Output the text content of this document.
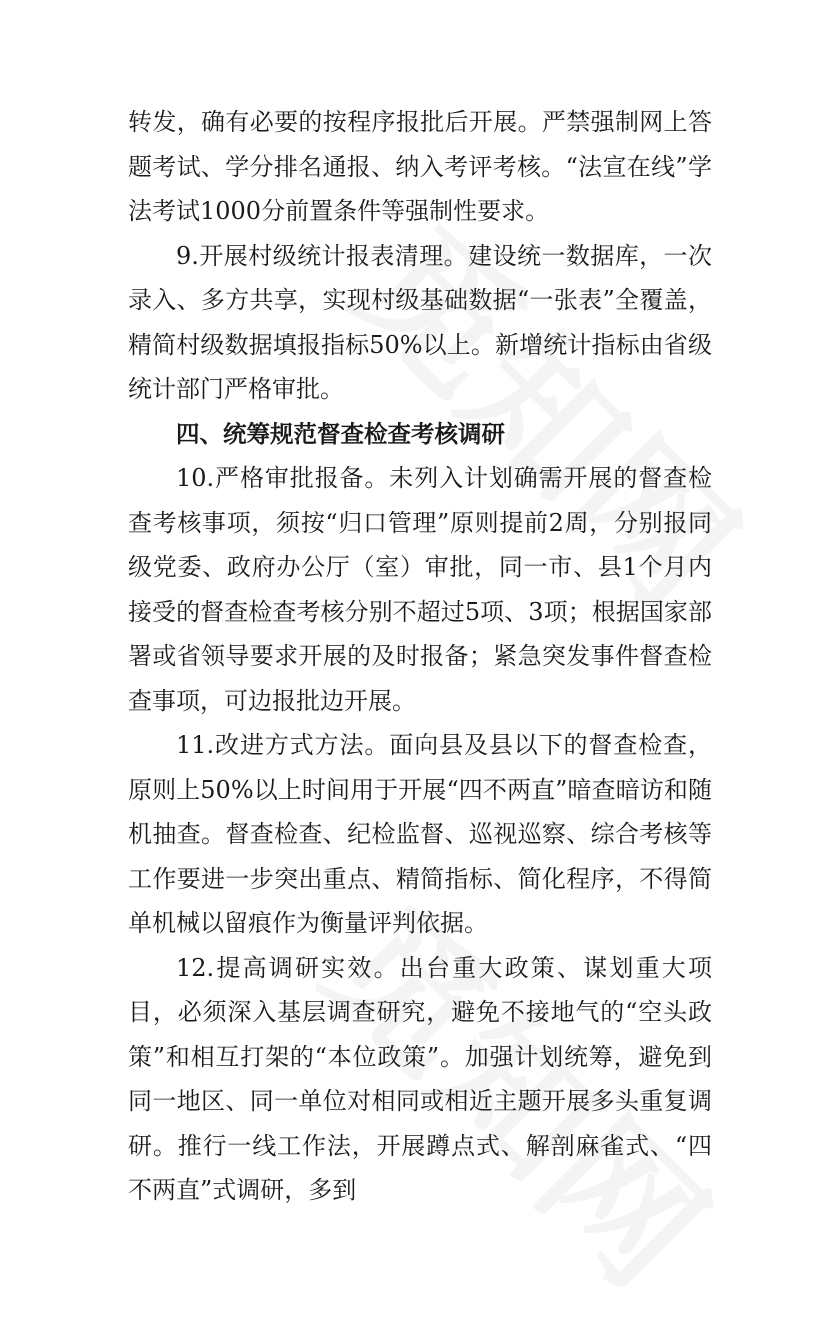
转发，确有必要的按程序报批后开展。严禁强制网上答题考试、学分排名通报、纳入考评考核。“法宣在线”学法考试1000分前置条件等强制性要求。

9.开展村级统计报表清理。建设统一数据库，一次录入、多方共享，实现村级基础数据“一张表”全覆盖，精简村级数据填报指标50%以上。新增统计指标由省级统计部门严格审批。

四、统筹规范督查检查考核调研

10.严格审批报备。未列入计划确需开展的督查检查考核事项，须按“归口管理”原则提前2周，分别报同级党委、政府办公厅（室）审批，同一市、县1个月内接受的督查检查考核分别不超过5项、3项；根据国家部署或省领导要求开展的及时报备；紧急突发事件督查检查事项，可边报批边开展。

11.改进方式方法。面向县及县以下的督查检查，原则上50%以上时间用于开展“四不两直”暗查暗访和随机抽查。督查检查、纪检监督、巡视巡察、综合考核等工作要进一步突出重点、精简指标、简化程序，不得简单机械以留痕作为衡量评判依据。

12.提高调研实效。出台重大政策、谋划重大项目，必须深入基层调查研究，避免不接地气的“空头政策”和相互打架的“本位政策”。加强计划统筹，避免到同一地区、同一单位对相同或相近主题开展多头重复调研。推行一线工作法，开展蹲点式、解剖麻雀式、“四不两直”式调研，多到
